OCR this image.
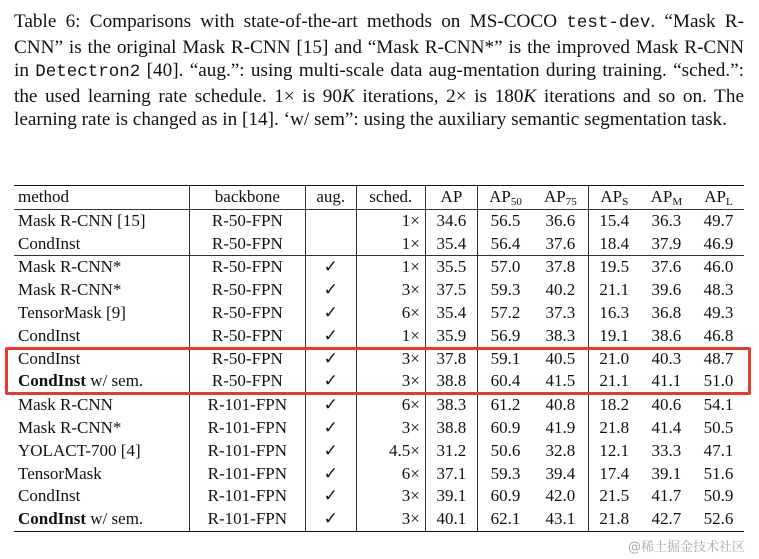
Table 6: Comparisons with state-of-the-art methods on MS-COCO test-dev. “Mask R-CNN” is the original Mask R-CNN [15] and “Mask R-CNN*” is the improved Mask R-CNN in Detectron2 [40]. “aug.”: using multi-scale data aug-mentation during training. “sched.”: the used learning rate schedule. 1× is 90K iterations, 2× is 180K iterations and so on. The learning rate is changed as in [14]. ‘w/ sem”: using the auxiliary semantic segmentation task.
method	backbone	aug.	sched.	AP	$AP_{50}$	$AP_{75}$	$AP_S$	$AP_M$	$AP_L$
Mask R-CNN [15]	R-50-FPN		1×	34.6	56.5	36.6	15.4	36.3	49.7
CondInst	R-50-FPN		1×	35.4	56.4	37.6	18.4	37.9	46.9
Mask R-CNN*	R-50-FPN	✓	1×	35.5	57.0	37.8	19.5	37.6	46.0
Mask R-CNN*	R-50-FPN	✓	3×	37.5	59.3	40.2	21.1	39.6	48.3
TensorMask [9]	R-50-FPN	✓	6×	35.4	57.2	37.3	16.3	36.8	49.3
CondInst	R-50-FPN	✓	1×	35.9	56.9	38.3	19.1	38.6	46.8
CondInst	R-50-FPN	✓	3×	37.8	59.1	40.5	21.0	40.3	48.7
CondInst w/ sem.	R-50-FPN	✓	3×	38.8	60.4	41.5	21.1	41.1	51.0
Mask R-CNN	R-101-FPN	✓	6×	38.3	61.2	40.8	18.2	40.6	54.1
Mask R-CNN*	R-101-FPN	✓	3×	38.8	60.9	41.9	21.8	41.4	50.5
YOLACT-700 [4]	R-101-FPN	✓	4.5×	31.2	50.6	32.8	12.1	33.3	47.1
TensorMask	R-101-FPN	✓	6×	37.1	59.3	39.4	17.4	39.1	51.6
CondInst	R-101-FPN	✓	3×	39.1	60.9	42.0	21.5	41.7	50.9
CondInst w/ sem.	R-101-FPN	✓	3×	40.1	62.1	43.1	21.8	42.7	52.6
@稀土掘金技术社区
